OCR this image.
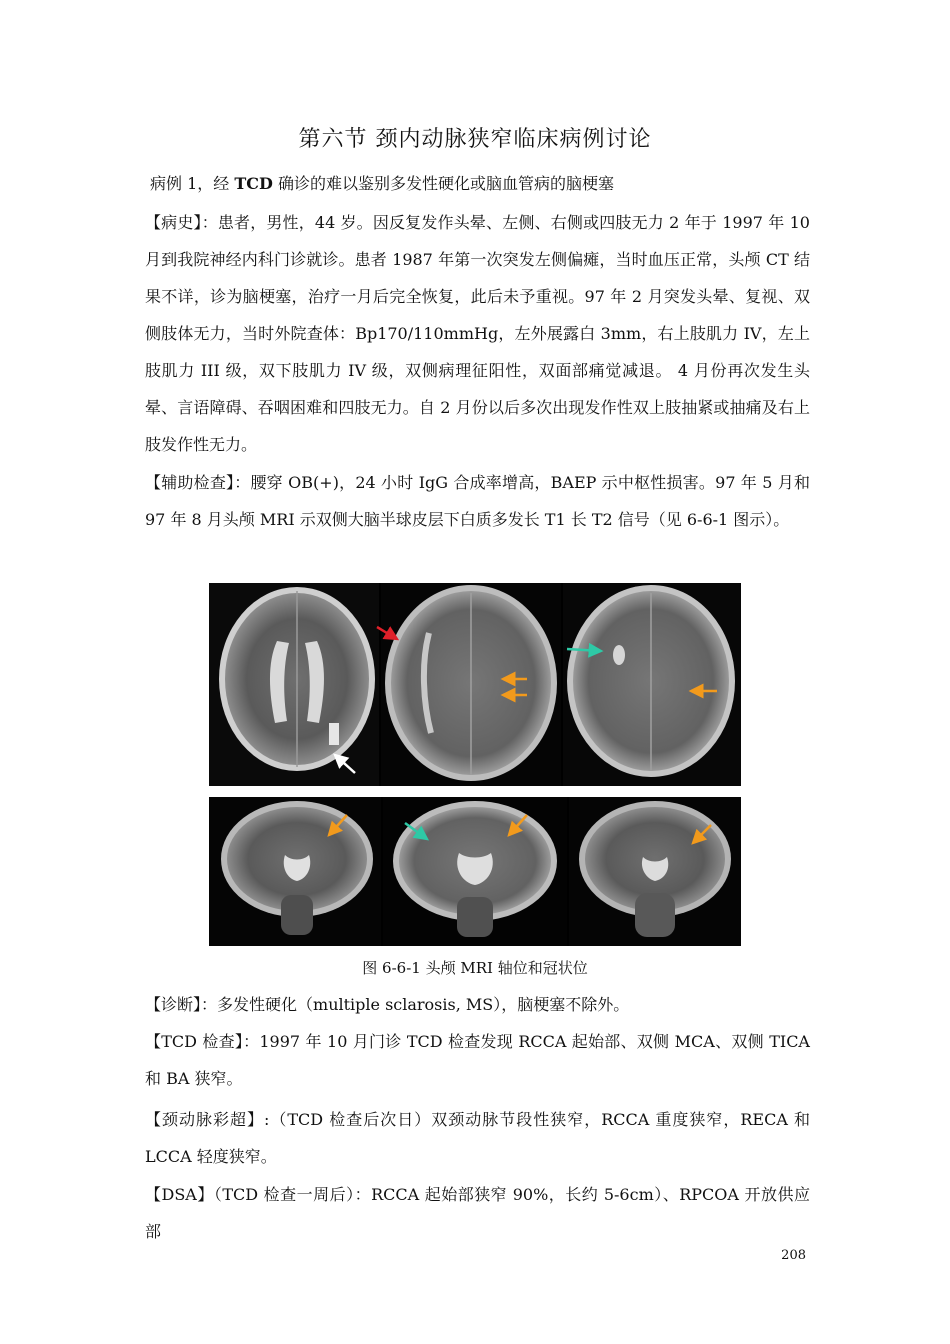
第六节 颈内动脉狭窄临床病例讨论
病例 1，经 TCD 确诊的难以鉴别多发性硬化或脑血管病的脑梗塞
【病史】：患者，男性，44 岁。因反复发作头晕、左侧、右侧或四肢无力 2 年于 1997 年 10 月到我院神经内科门诊就诊。患者 1987 年第一次突发左侧偏瘫，当时血压正常，头颅 CT 结果不详，诊为脑梗塞，治疗一月后完全恢复，此后未予重视。97 年 2 月突发头晕、复视、双侧肢体无力，当时外院查体：Bp170/110mmHg，左外展露白 3mm，右上肢肌力 IV，左上肢肌力 III 级，双下肢肌力 IV 级，双侧病理征阳性，双面部痛觉减退。 4 月份再次发生头晕、言语障碍、吞咽困难和四肢无力。自 2 月份以后多次出现发作性双上肢抽紧或抽痛及右上肢发作性无力。
【辅助检查】：腰穿 OB(+)，24 小时 IgG 合成率增高，BAEP 示中枢性损害。97 年 5 月和 97 年 8 月头颅 MRI 示双侧大脑半球皮层下白质多发长 T1 长 T2 信号（见 6-6-1 图示）。
图 6-6-1 头颅 MRI 轴位和冠状位
【诊断】：多发性硬化（multiple sclarosis, MS），脑梗塞不除外。
【TCD 检查】：1997 年 10 月门诊 TCD 检查发现 RCCA 起始部、双侧 MCA、双侧 TICA 和 BA 狭窄。
【颈动脉彩超】:（TCD 检查后次日）双颈动脉节段性狭窄，RCCA 重度狭窄，RECA 和 LCCA 轻度狭窄。
【DSA】（TCD 检查一周后）：RCCA 起始部狭窄 90%，长约 5-6cm）、RPCOA 开放供应部
208
